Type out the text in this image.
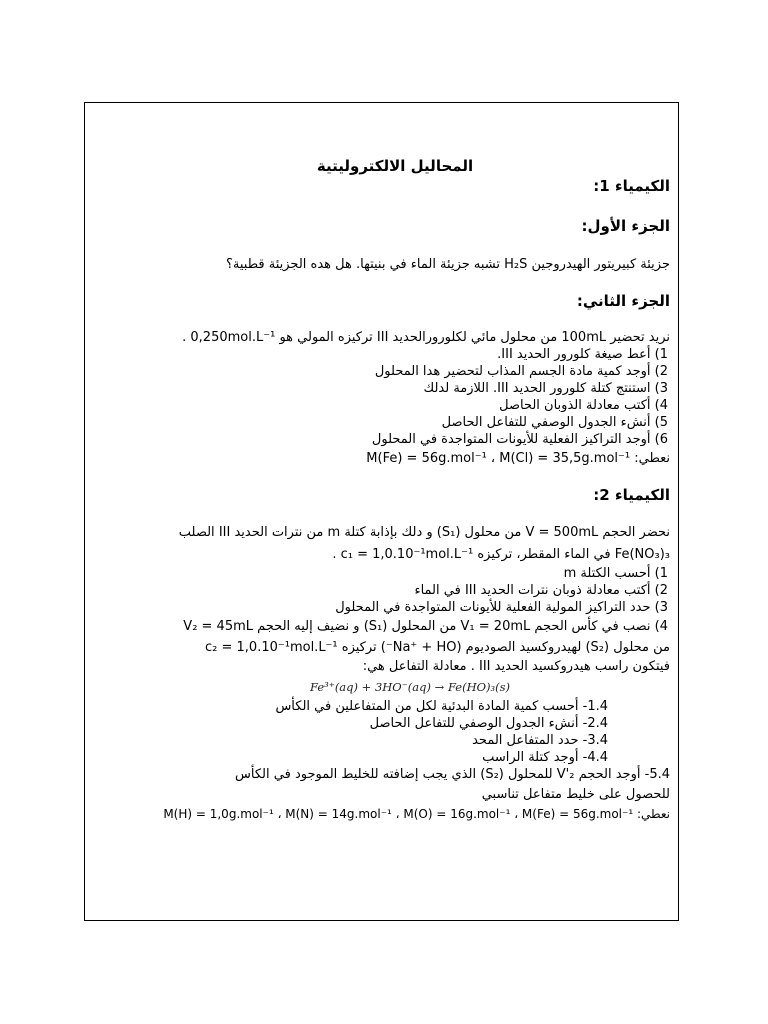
المحاليل الالكتروليتية
الكيمياء 1:
الجزء الأول:
جزيئة كبيريتور الهيدروجين H₂S تشبه جزيئة الماء في بنيتها. هل هده الجزيئة قطبية؟
الجزء الثاني:
نريد تحضير 100mL من محلول مائي لكلورورالحديد III تركيزه المولي هو 0,250mol.L⁻¹ .
1) أعط صيغة كلورور الحديد III.
2) أوجد كمية مادة الجسم المذاب لتحضير هدا المحلول
3) استنتج كتلة كلورور الحديد III. اللازمة لدلك
4) أكتب معادلة الذوبان الحاصل
5) أنشء الجدول الوصفي للتفاعل الحاصل
6) أوجد التراكيز الفعلية للأيونات المتواجدة في المحلول
نعطي: M(Fe) = 56g.mol⁻¹ ، M(Cl) = 35,5g.mol⁻¹
الكيمياء 2:
نحضر الحجم V = 500mL من محلول (S₁) و دلك بإذابة كتلة m من نترات الحديد III الصلب
Fe(NO₃)₃ في الماء المقطر، تركيزه c₁ = 1,0.10⁻¹mol.L⁻¹ .
1) أحسب الكتلة m
2) أكتب معادلة ذوبان نترات الحديد III في الماء
3) حدد التراكيز المولية الفعلية للأيونات المتواجدة في المحلول
4) نصب في كأس الحجم V₁ = 20mL من المحلول (S₁) و نضيف إليه الحجم V₂ = 45mL
من محلول (S₂) لهيدروكسيد الصوديوم (Na⁺ + HO⁻) تركيزه c₂ = 1,0.10⁻¹mol.L⁻¹
فيتكون راسب هيدروكسيد الحديد III . معادلة التفاعل هي:
Fe³⁺(aq) + 3HO⁻(aq) → Fe(HO)₃(s)
1.4- أحسب كمية المادة البدئية لكل من المتفاعلين في الكأس
2.4- أنشء الجدول الوصفي للتفاعل الحاصل
3.4- حدد المتفاعل المحد
4.4- أوجد كتلة الراسب
5.4- أوجد الحجم V'₂ للمحلول (S₂) الذي يجب إضافته للخليط الموجود في الكأس
للحصول على خليط متفاعل تناسبي
نعطي: M(H) = 1,0g.mol⁻¹ ، M(N) = 14g.mol⁻¹ ، M(O) = 16g.mol⁻¹ ، M(Fe) = 56g.mol⁻¹
